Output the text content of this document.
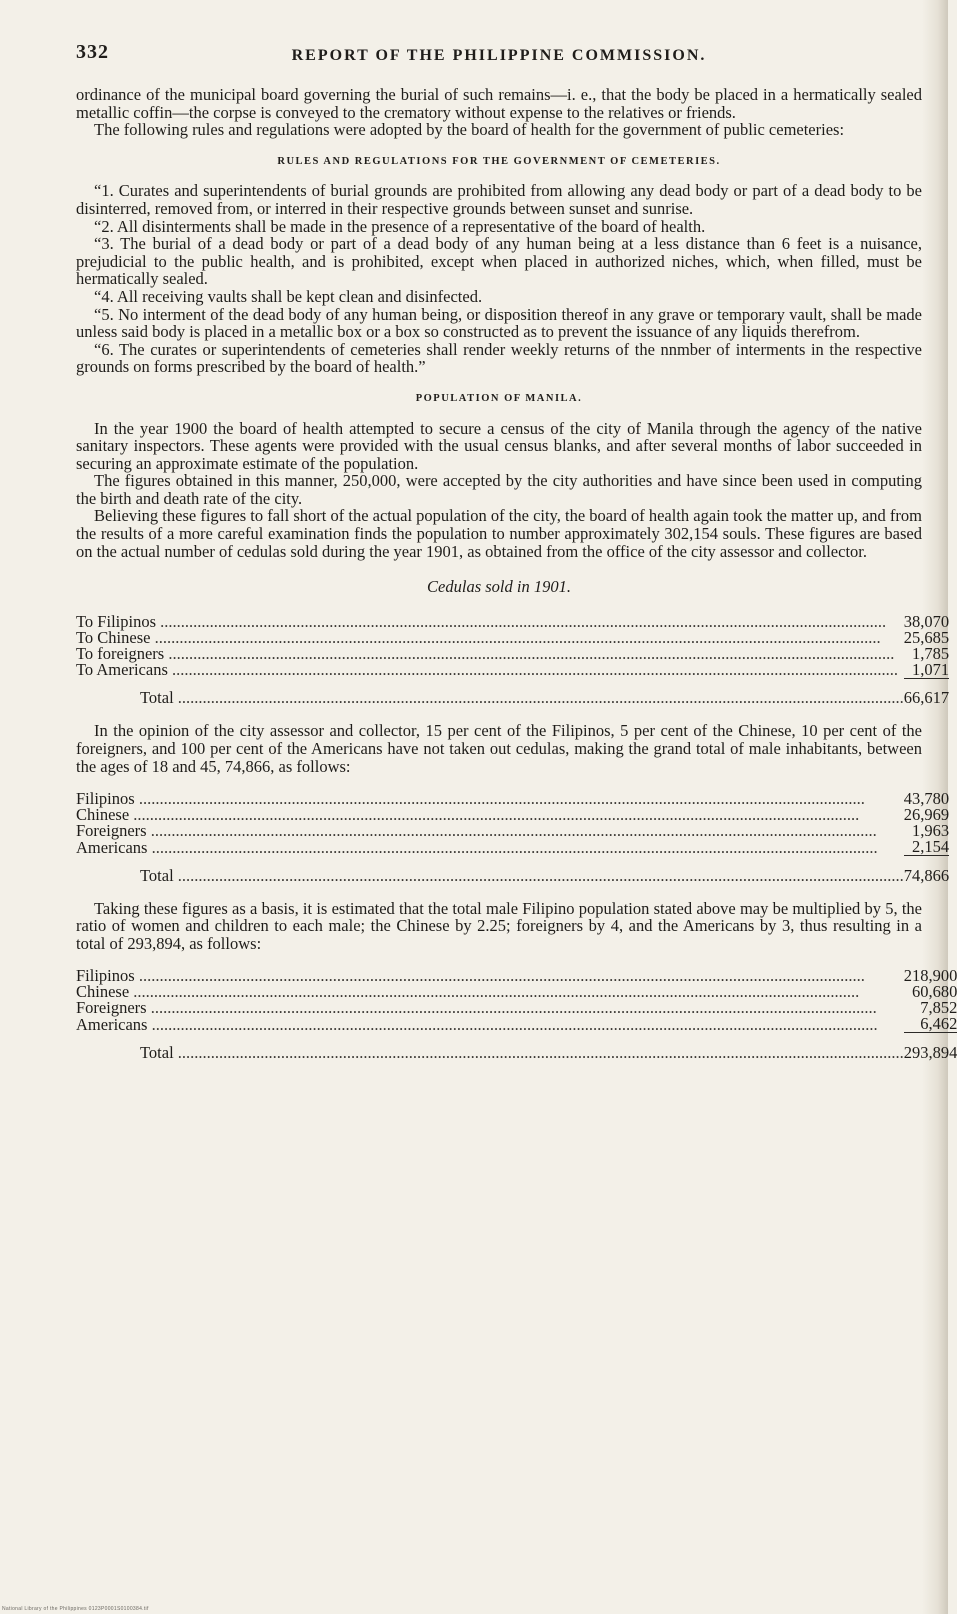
332	REPORT OF THE PHILIPPINE COMMISSION.

ordinance of the municipal board governing the burial of such remains—i. e., that the body be placed in a hermatically sealed metallic coffin—the corpse is conveyed to the crematory without expense to the relatives or friends.

The following rules and regulations were adopted by the board of health for the government of public cemeteries:

RULES AND REGULATIONS FOR THE GOVERNMENT OF CEMETERIES.

“1. Curates and superintendents of burial grounds are prohibited from allowing any dead body or part of a dead body to be disinterred, removed from, or interred in their respective grounds between sunset and sunrise.

“2. All disinterments shall be made in the presence of a representative of the board of health.

“3. The burial of a dead body or part of a dead body of any human being at a less distance than 6 feet is a nuisance, prejudicial to the public health, and is prohibited, except when placed in authorized niches, which, when filled, must be hermatically sealed.

“4. All receiving vaults shall be kept clean and disinfected.

“5. No interment of the dead body of any human being, or disposition thereof in any grave or temporary vault, shall be made unless said body is placed in a metallic box or a box so constructed as to prevent the issuance of any liquids therefrom.

“6. The curates or superintendents of cemeteries shall render weekly returns of the nnmber of interments in the respective grounds on forms prescribed by the board of health.”

POPULATION OF MANILA.

In the year 1900 the board of health attempted to secure a census of the city of Manila through the agency of the native sanitary inspectors. These agents were provided with the usual census blanks, and after several months of labor succeeded in securing an approximate estimate of the population.

The figures obtained in this manner, 250,000, were accepted by the city authorities and have since been used in computing the birth and death rate of the city.

Believing these figures to fall short of the actual population of the city, the board of health again took the matter up, and from the results of a more careful examination finds the population to number approximately 302,154 souls. These figures are based on the actual number of cedulas sold during the year 1901, as obtained from the office of the city assessor and collector.

Cedulas sold in 1901.
To Filipinos .....	38,070
To Chinese .....	25,685
To foreigners .....	1,785
To Americans .....	1,071
Total .....	66,617

In the opinion of the city assessor and collector, 15 per cent of the Filipinos, 5 per cent of the Chinese, 10 per cent of the foreigners, and 100 per cent of the Americans have not taken out cedulas, making the grand total of male inhabitants, between the ages of 18 and 45, 74,866, as follows:

Filipinos .....	43,780
Chinese .....	26,969
Foreigners .....	1,963
Americans .....	2,154
Total .....	74,866

Taking these figures as a basis, it is estimated that the total male Filipino population stated above may be multiplied by 5, the ratio of women and children to each male; the Chinese by 2.25; foreigners by 4, and the Americans by 3, thus resulting in a total of 293,894, as follows:

Filipinos .....	218,900
Chinese .....	60,680
Foreigners .....	7,852
Americans .....	6,462
Total .....	293,894
National Library of the Philippines 0123P0001S0100384.tif
